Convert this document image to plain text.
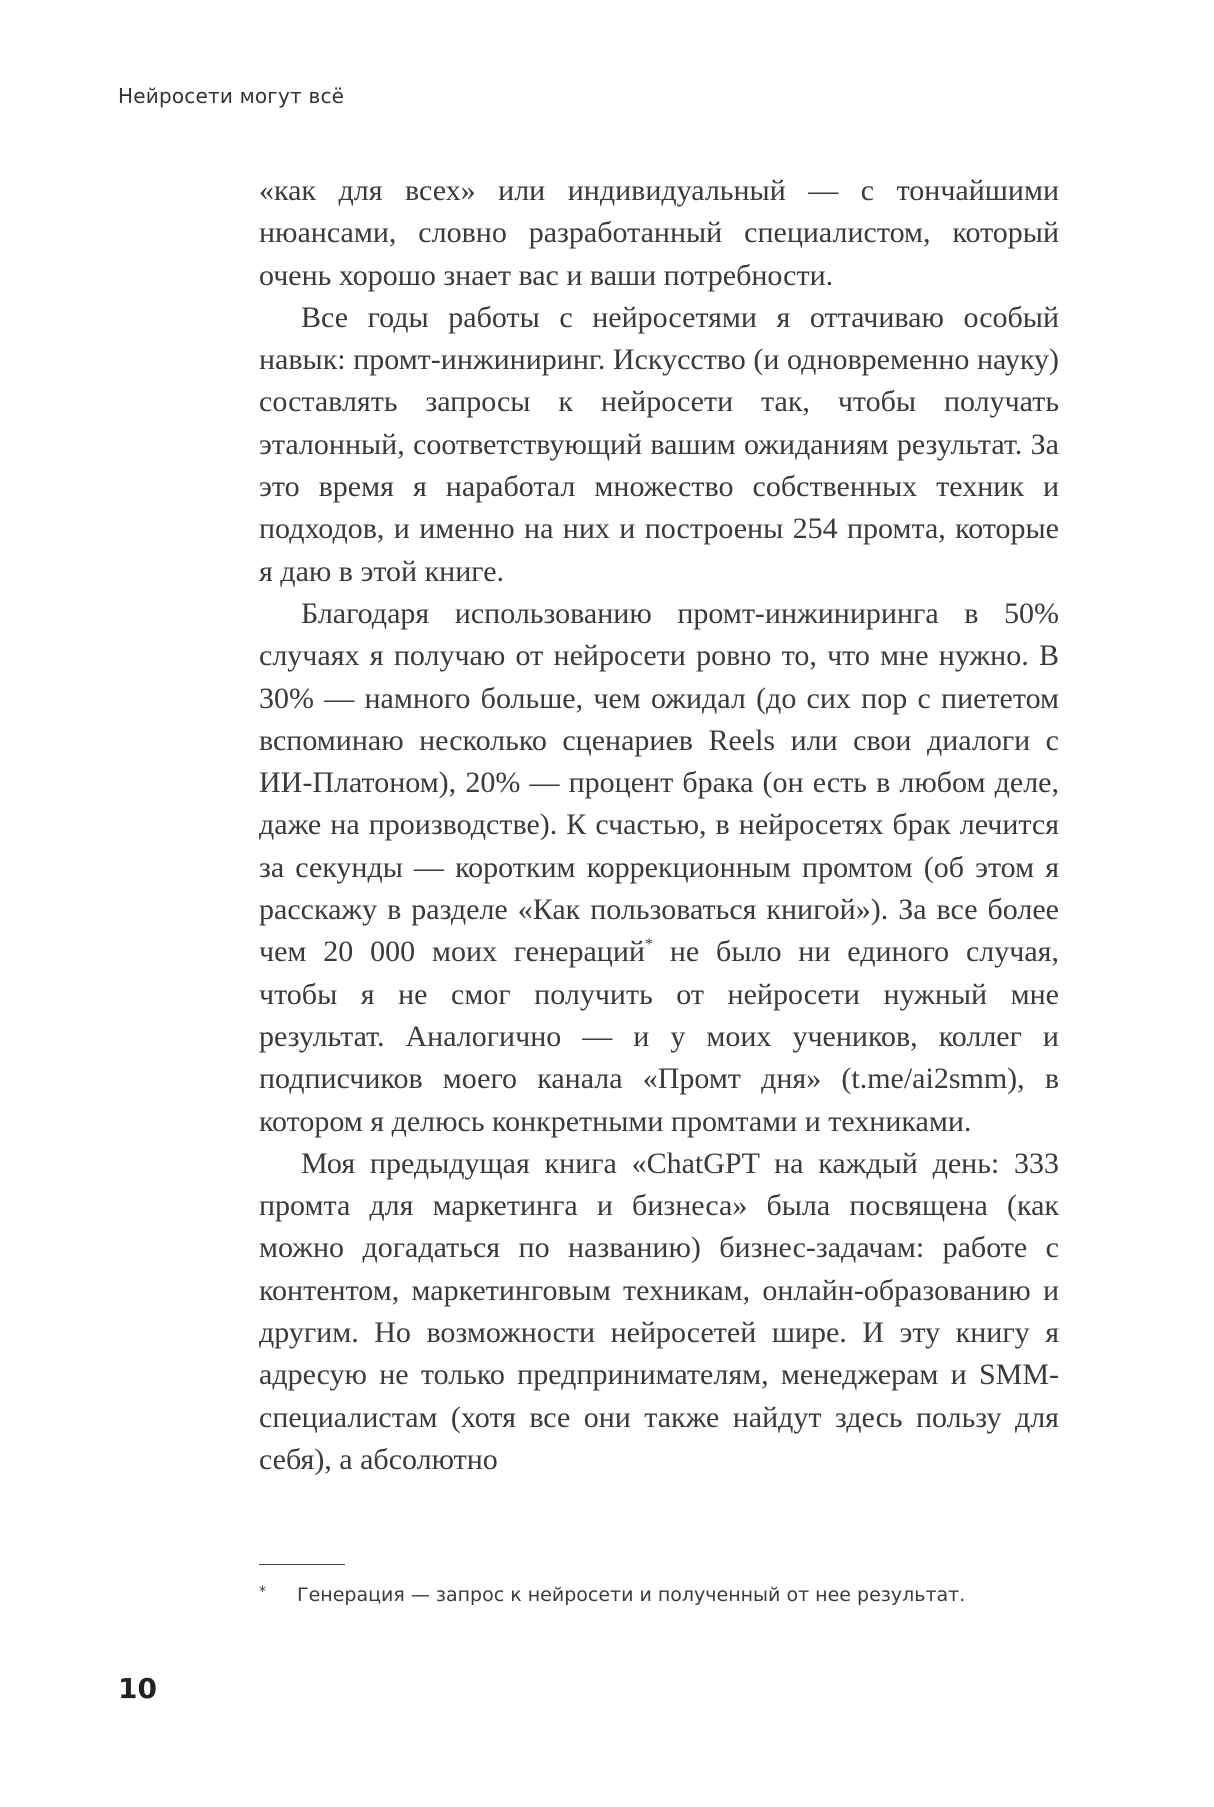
Нейросети могут всё

«как для всех» или индивидуальный — с тончайшими нюансами, словно разработанный специалистом, который очень хорошо знает вас и ваши потребности.

Все годы работы с нейросетями я оттачиваю особый навык: промт-инжиниринг. Искусство (и одновременно науку) составлять запросы к нейросети так, чтобы получать эталонный, соответствующий вашим ожиданиям результат. За это время я наработал множество собственных техник и подходов, и именно на них и построены 254 промта, которые я даю в этой книге.

Благодаря использованию промт-инжиниринга в 50% случаях я получаю от нейросети ровно то, что мне нужно. В 30% — намного больше, чем ожидал (до сих пор с пиететом вспоминаю несколько сценариев Reels или свои диалоги с ИИ-Платоном), 20% — процент брака (он есть в любом деле, даже на производстве). К счастью, в нейросетях брак лечится за секунды — коротким коррекционным промтом (об этом я расскажу в разделе «Как пользоваться книгой»). За все более чем 20 000 моих генераций* не было ни единого случая, чтобы я не смог получить от нейросети нужный мне результат. Аналогично — и у моих учеников, коллег и подписчиков моего канала «Промт дня» (t.me/ai2smm), в котором я делюсь конкретными промтами и техниками.

Моя предыдущая книга «ChatGPT на каждый день: 333 промта для маркетинга и бизнеса» была посвящена (как можно догадаться по названию) бизнес-задачам: работе с контентом, маркетинговым техникам, онлайн-образованию и другим. Но возможности нейросетей шире. И эту книгу я адресую не только предпринимателям, менеджерам и SMM-специалистам (хотя все они также найдут здесь пользу для себя), а абсолютно

* Генерация — запрос к нейросети и полученный от нее результат.
10
